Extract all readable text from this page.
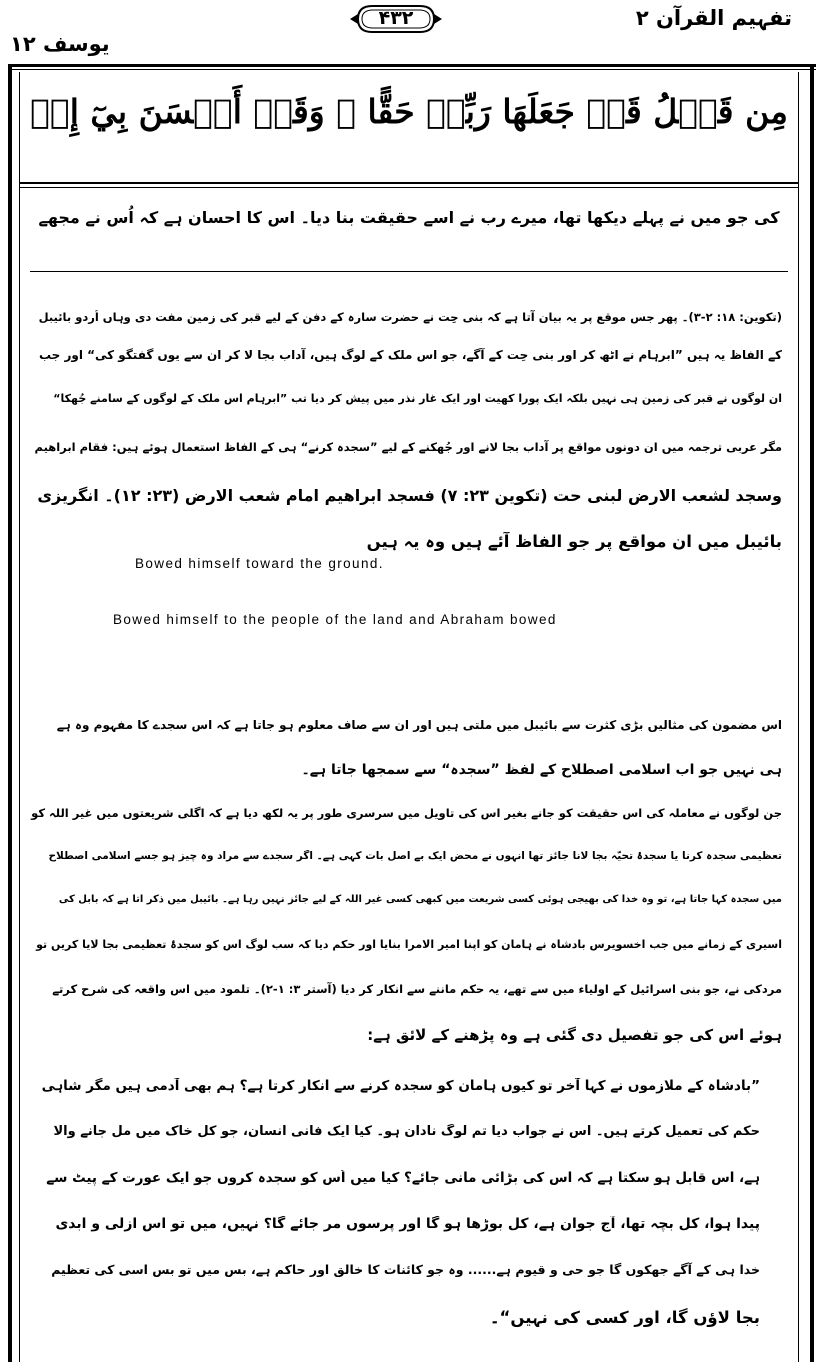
تفہیم القرآن ۲
۴۳۲
یوسف ۱۲
مِن قَبۡلُ قَدۡ جَعَلَهَا رَبِّيۡ حَقًّا ۖ وَقَدۡ أَحۡسَنَ بِيٓ إِذۡ
کی جو میں نے پہلے دیکھا تھا، میرے رب نے اسے حقیقت بنا دیا۔ اس کا احسان ہے کہ اُس نے مجھے
(تکوین: ۱۸: ۲-۳)۔ پھر جس موقع پر یہ بیان آتا ہے کہ بنی حِت نے حضرت سارہ کے دفن کے لیے قبر کی زمین مفت دی وہاں اُردو بائیبل
کے الفاظ یہ ہیں ”ابرہام نے اٹھ کر اور بنی حِت کے آگے، جو اس ملک کے لوگ ہیں، آداب بجا لا کر ان سے یوں گفتگو کی“ اور جب
ان لوگوں نے قبر کی زمین ہی نہیں بلکہ ایک پورا کھیت اور ایک غار نذر میں پیش کر دیا تب ”ابرہام اس ملک کے لوگوں کے سامنے جُھکا“
مگر عربی ترجمہ میں ان دونوں مواقع پر آداب بجا لانے اور جُھکنے کے لیے ”سجدہ کرنے“ ہی کے الفاظ استعمال ہوئے ہیں: فقام ابراهیم
وسجد لشعب الارض لبنی حت (تکوین ۲۳: ۷) فسجد ابراهيم امام شعب الارض (۲۳: ۱۲)۔ انگریزی
بائیبل میں ان مواقع پر جو الفاظ آئے ہیں وہ یہ ہیں
Bowed himself toward the ground.
Bowed himself to the people of the land and Abraham bowed
اس مضمون کی مثالیں بڑی کثرت سے بائیبل میں ملتی ہیں اور ان سے صاف معلوم ہو جاتا ہے کہ اس سجدے کا مفہوم وہ ہے
ہی نہیں جو اب اسلامی اصطلاح کے لفظ ”سجدہ“ سے سمجھا جاتا ہے۔
جن لوگوں نے معاملہ کی اس حقیقت کو جانے بغیر اس کی تاویل میں سرسری طور پر یہ لکھ دیا ہے کہ اگلی شریعتوں میں غیر اللہ کو
تعظیمی سجدہ کرنا یا سجدۂ تحیّہ بجا لانا جائز تھا انہوں نے محض ایک بے اصل بات کہی ہے۔ اگر سجدے سے مراد وہ چیز ہو جسے اسلامی اصطلاح
میں سجدہ کہا جاتا ہے، تو وہ خدا کی بھیجی ہوئی کسی شریعت میں کبھی کسی غیر اللہ کے لیے جائز نہیں رہا ہے۔ بائیبل میں ذکر آتا ہے کہ بابل کی
اسیری کے زمانے میں جب اخسویرس بادشاہ نے ہامان کو اپنا امیر الامرا بنایا اور حکم دیا کہ سب لوگ اس کو سجدۂ تعظیمی بجا لایا کریں تو
مردکی نے، جو بنی اسرائیل کے اولیاء میں سے تھے، یہ حکم ماننے سے انکار کر دیا (آستر ۳: ۱-۲)۔ تلمود میں اس واقعہ کی شرح کرتے
ہوئے اس کی جو تفصیل دی گئی ہے وہ پڑھنے کے لائق ہے:
”بادشاہ کے ملازموں نے کہا آخر تو کیوں ہامان کو سجدہ کرنے سے انکار کرتا ہے؟ ہم بھی آدمی ہیں مگر شاہی
حکم کی تعمیل کرتے ہیں۔ اس نے جواب دیا تم لوگ نادان ہو۔ کیا ایک فانی انسان، جو کل خاک میں مل جانے والا
ہے، اس قابل ہو سکتا ہے کہ اس کی بڑائی مانی جائے؟ کیا میں اُس کو سجدہ کروں جو ایک عورت کے پیٹ سے
پیدا ہوا، کل بچہ تھا، آج جوان ہے، کل بوڑھا ہو گا اور پرسوں مر جائے گا؟ نہیں، میں تو اس ازلی و ابدی
خدا ہی کے آگے جھکوں گا جو حی و قیوم ہے...... وہ جو کائنات کا خالق اور حاکم ہے، بس میں تو بس اسی کی تعظیم
بجا لاؤں گا، اور کسی کی نہیں“۔
